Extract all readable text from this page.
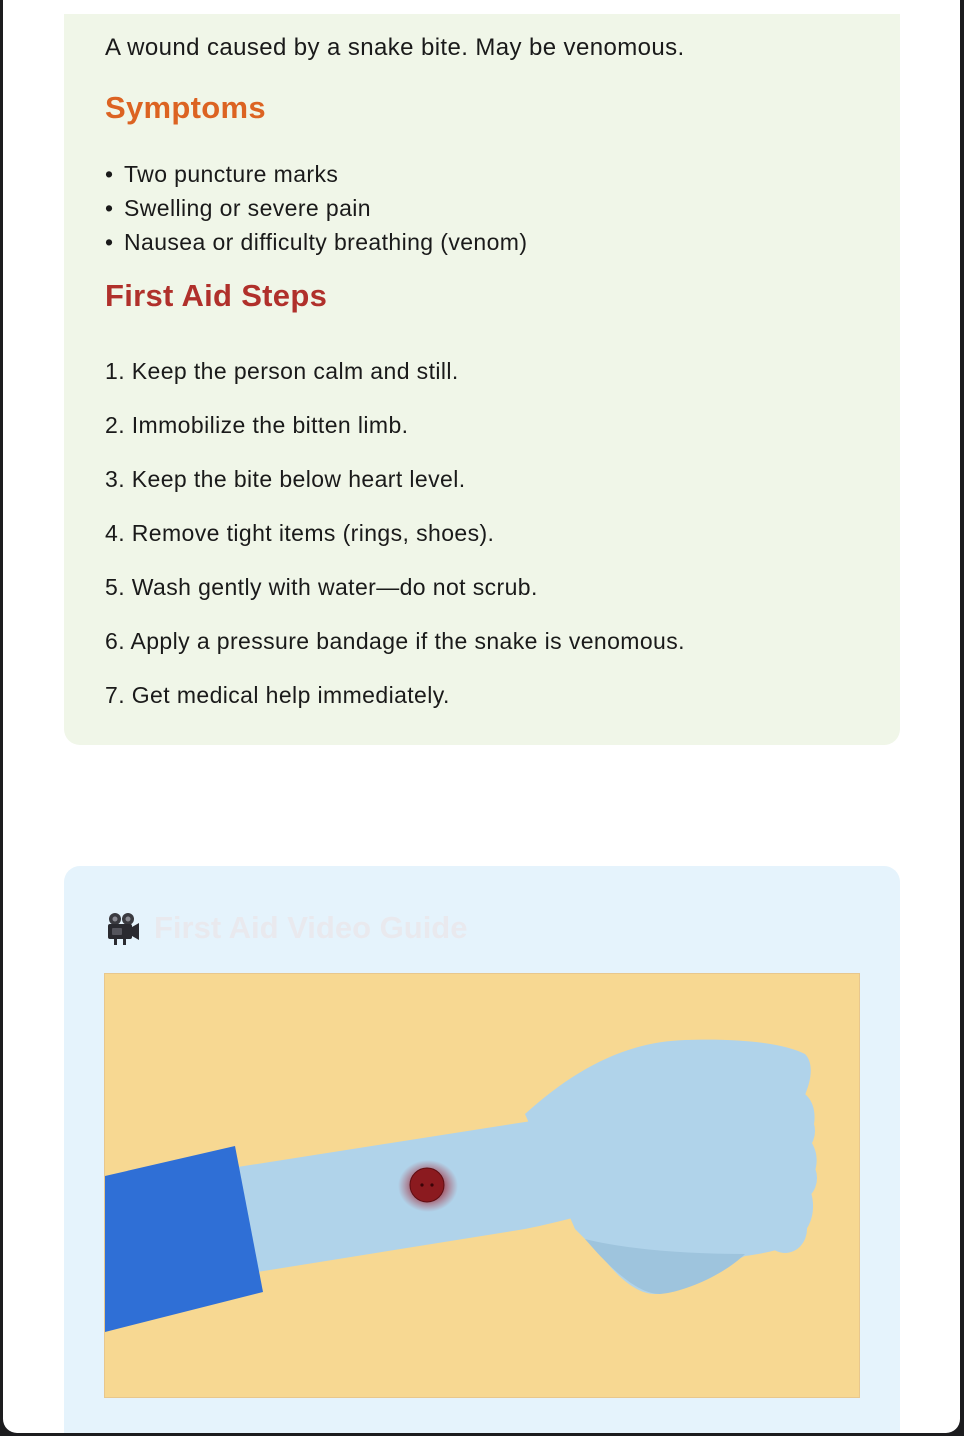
A wound caused by a snake bite. May be venomous.

Symptoms
• Two puncture marks
• Swelling or severe pain
• Nausea or difficulty breathing (venom)
First Aid Steps
1. Keep the person calm and still.
2. Immobilize the bitten limb.
3. Keep the bite below heart level.
4. Remove tight items (rings, shoes).
5. Wash gently with water—do not scrub.
6. Apply a pressure bandage if the snake is venomous.
7. Get medical help immediately.
First Aid Video Guide
